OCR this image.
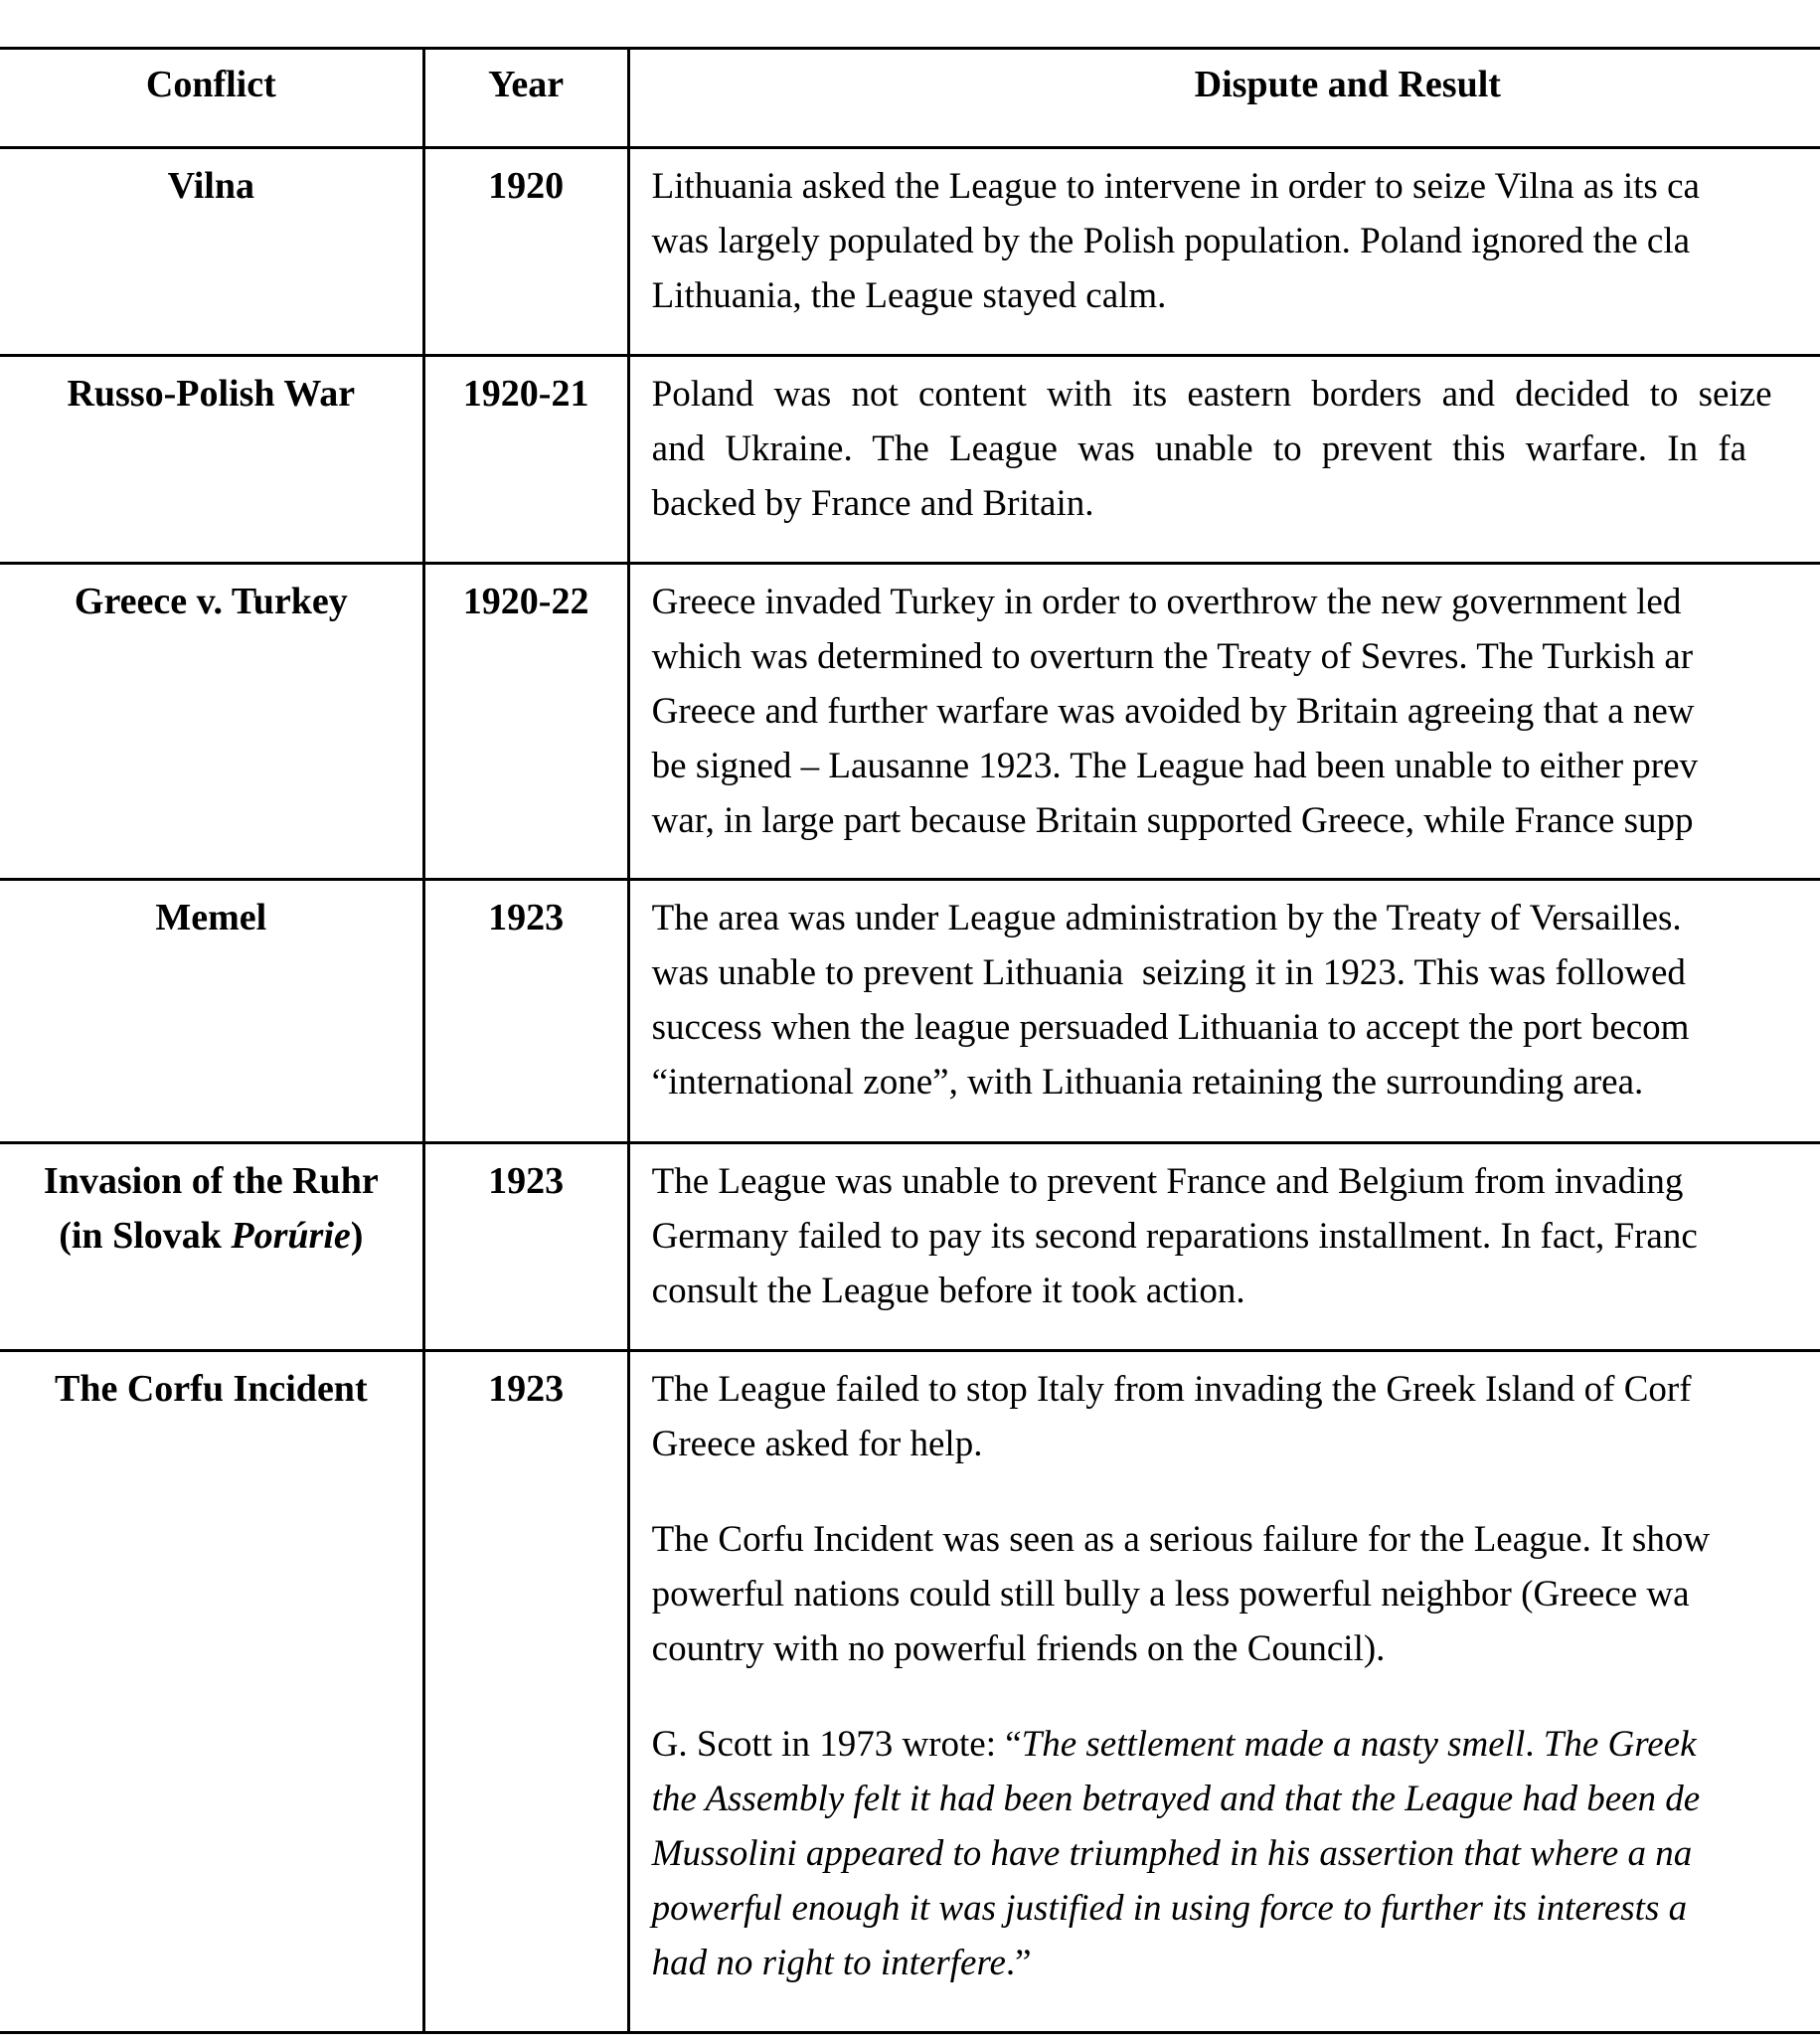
Conflict	Year	Dispute and Result

Vilna	1920	Lithuania asked the League to intervene in order to seize Vilna as its ca
was largely populated by the Polish population. Poland ignored the cla
Lithuania, the League stayed calm.

Russo-Polish War	1920-21	Poland was not content with its eastern borders and decided to seize
and Ukraine. The League was unable to prevent this warfare. In fa
backed by France and Britain.

Greece v. Turkey	1920-22	Greece invaded Turkey in order to overthrow the new government led
which was determined to overturn the Treaty of Sevres. The Turkish ar
Greece and further warfare was avoided by Britain agreeing that a new
be signed – Lausanne 1923. The League had been unable to either prev
war, in large part because Britain supported Greece, while France supp

Memel	1923	The area was under League administration by the Treaty of Versailles.
was unable to prevent Lithuania  seizing it in 1923. This was followed
success when the league persuaded Lithuania to accept the port becom
“international zone”, with Lithuania retaining the surrounding area.

Invasion of the Ruhr
(in Slovak Porúrie)
	1923	The League was unable to prevent France and Belgium from invading
Germany failed to pay its second reparations installment. In fact, Franc
consult the League before it took action.

The Corfu Incident	1923	The League failed to stop Italy from invading the Greek Island of Corf
Greece asked for help.

The Corfu Incident was seen as a serious failure for the League. It show
powerful nations could still bully a less powerful neighbor (Greece wa
country with no powerful friends on the Council).

G. Scott in 1973 wrote: “The settlement made a nasty smell. The Greek
the Assembly felt it had been betrayed and that the League had been de
Mussolini appeared to have triumphed in his assertion that where a na
powerful enough it was justified in using force to further its interests a
had no right to interfere.”
